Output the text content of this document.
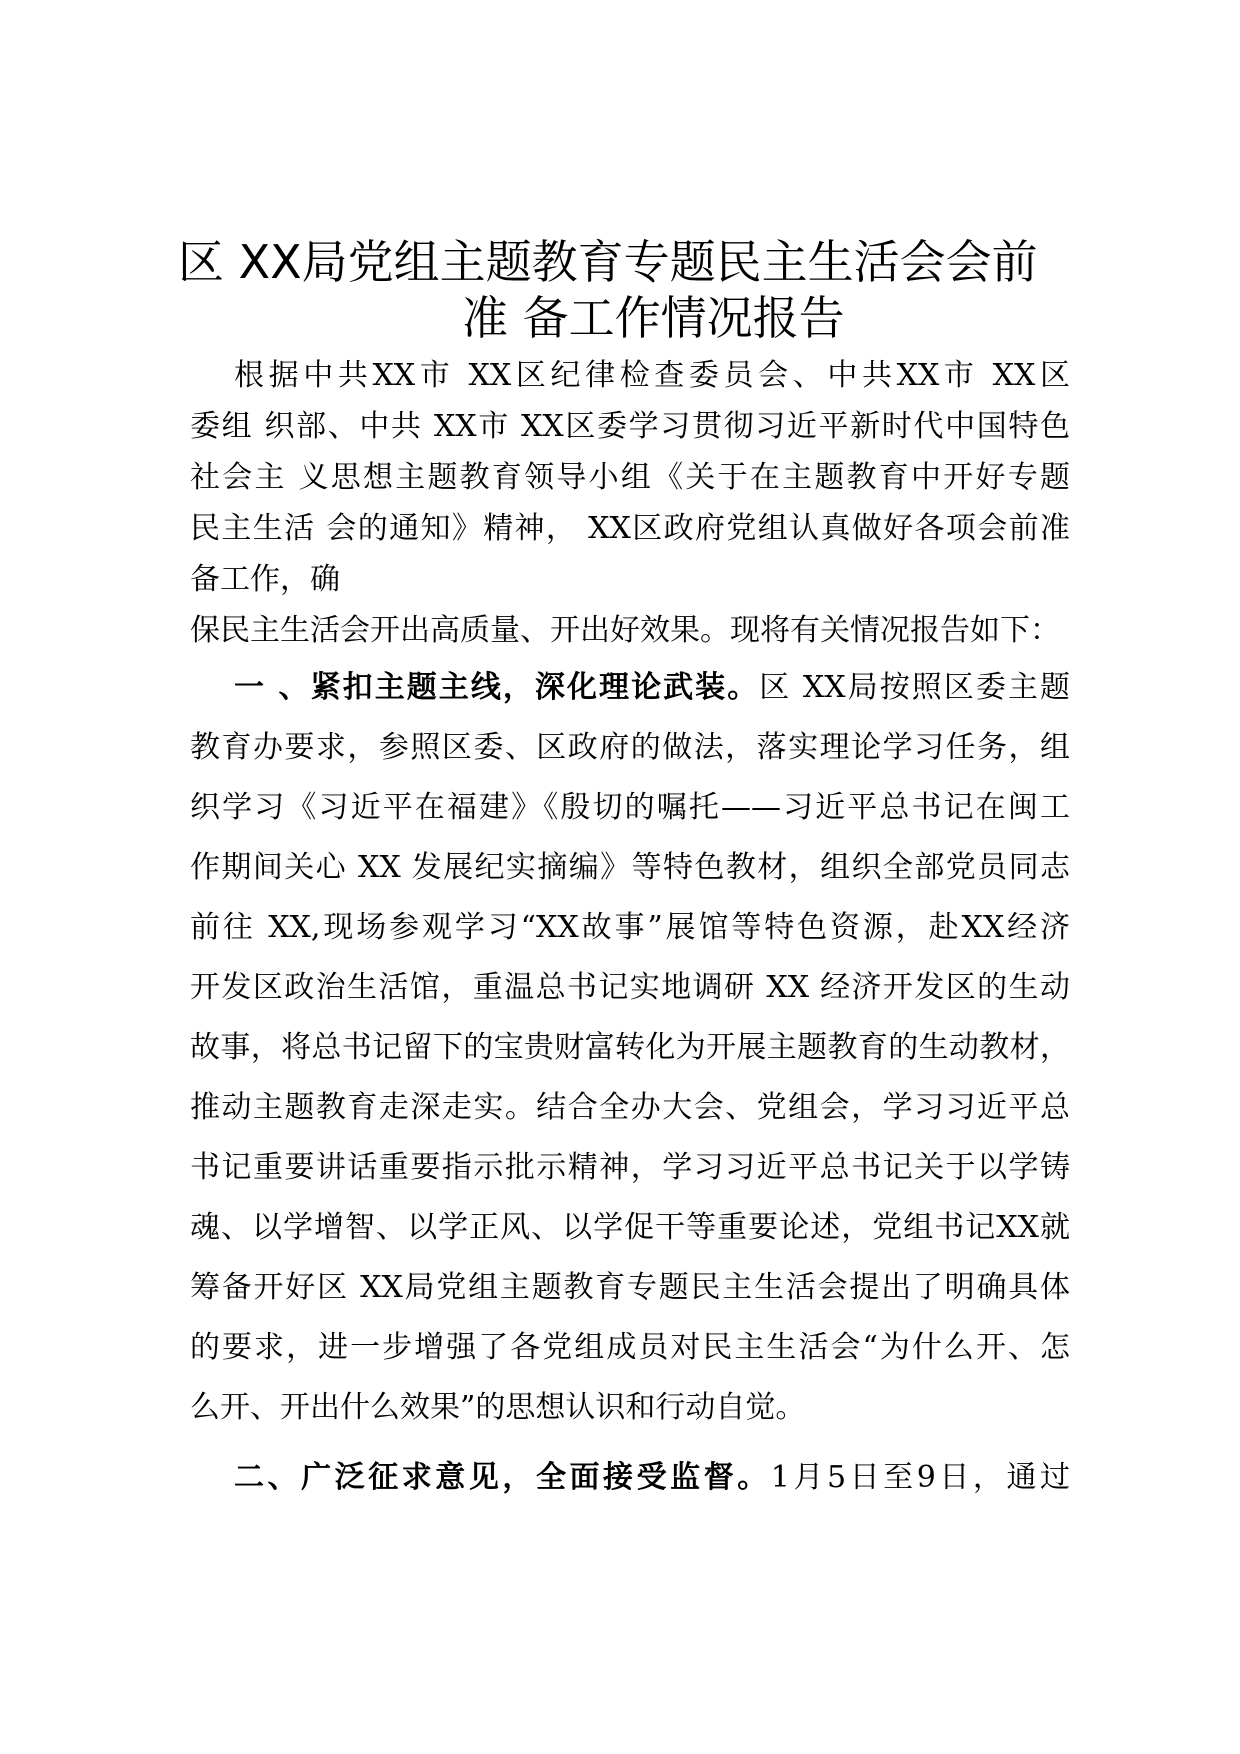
区 XX局党组主题教育专题民主生活会会前
准 备工作情况报告
根据中共XX市 XX区纪律检查委员会、中共XX市 XX区
委组 织部、中共 XX市 XX区委学习贯彻习近平新时代中国特色
社会主 义思想主题教育领导小组《关于在主题教育中开好专题
民主生活 会的通知》精神， XX区政府党组认真做好各项会前准
备工作，确
保民主生活会开出高质量、开出好效果。现将有关情况报告如下：
一 、紧扣主题主线，深化理论武装。区 XX局按照区委主题
教育办要求，参照区委、区政府的做法，落实理论学习任务，组
织学习《习近平在福建》《殷切的嘱托——习近平总书记在闽工
作期间关心 XX 发展纪实摘编》等特色教材，组织全部党员同志
前往 XX,现场参观学习“XX故事”展馆等特色资源，赴XX经济
开发区政治生活馆，重温总书记实地调研 XX 经济开发区的生动
故事，将总书记留下的宝贵财富转化为开展主题教育的生动教材，
推动主题教育走深走实。结合全办大会、党组会，学习习近平总
书记重要讲话重要指示批示精神，学习习近平总书记关于以学铸
魂、以学增智、以学正风、以学促干等重要论述，党组书记XX就
筹备开好区 XX局党组主题教育专题民主生活会提出了明确具体
的要求，进一步增强了各党组成员对民主生活会“为什么开、怎
么开、开出什么效果”的思想认识和行动自觉。
二、广泛征求意见，全面接受监督。1月5日至9日，通过
